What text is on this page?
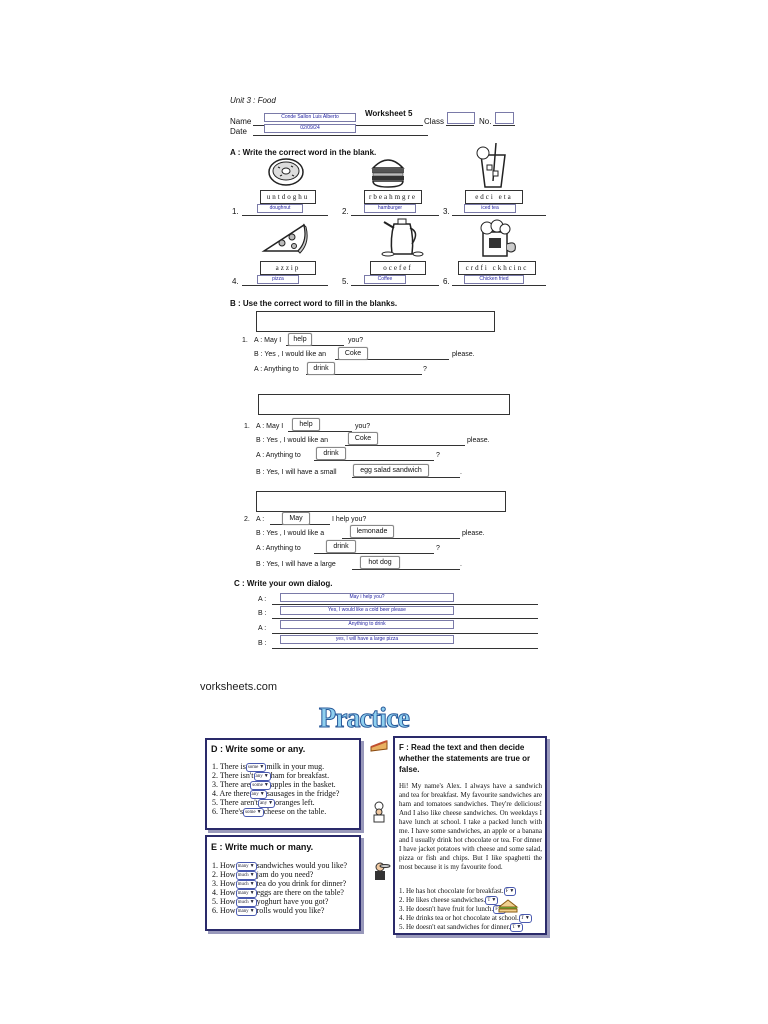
Unit 3 : Food
Worksheet 5
Name	Conde Sallon Luis Alberto	Class	No.
Date	02/09/24
A : Write the correct word in the blank.
untdoghu	rbeahmgre	edci eta
1.	doughnut	2.	hamburger	3.	iced tea
azzip	ocefef	crdfi ckhcinc
4.	pizza	5.	Coffee	6.	Chicken fried
B : Use the correct word to fill in the blanks.
1. A : May I	help	you?
B : Yes , I would like an	Coke	please.
A : Anything to	drink	?
1. A : May I	help	you?
B : Yes , I would like an	Coke	please.
A : Anything to	drink	?
B : Yes, I will have a small	egg salad sandwich	.
2. A :	May	I help you?
B : Yes , I would like a	lemonade	please.
A : Anything to	drink	?
B : Yes, I will have a large	hot dog	.
C : Write your own dialog.
A :	May i help you?
B :	Yes, I would like a cold beer please
A :
Anything to drink
B :
yes, I will have a large pizza
vorksheets.com
Practice
D : Write some or any.
1. There is some▼ milk in your mug.
2. There isn't any▼ ham for breakfast.
3. There are some▼ apples in the basket.
4. Are there any▼ sausages in the fridge?
5. There aren't any▼ oranges left.
6. There's some▼ cheese on the table.
E : Write much or many.
1. How many▼ sandwiches would you like?
2. How much▼ jam do you need?
3. How much▼ tea do you drink for dinner?
4. How many▼ eggs are there on the table?
5. How much▼ yoghurt have you got?
6. How many▼ rolls would you like?
F : Read the text and then decide whether the statements are true or false.
Hi! My name's Alex. I always have a sandwich and tea for breakfast. My favourite sandwiches are ham and tomatoes sandwiches. They're delicious! And I also like cheese sandwiches. On weekdays I have lunch at school. I take a packed lunch with me. I have some sandwiches, an apple or a banana and I usually drink hot chocolate or tea. For dinner I have jacket potatoes with cheese and some salad, pizza or fish and chips. But I like spaghetti the most because it is my favourite food.
1. He has hot chocolate for breakfast. F▼
2. He likes cheese sandwiches. T▼
3. He doesn't have fruit for lunch. F
4. He drinks tea or hot chocolate at school. T▼
5. He doesn't eat sandwiches for dinner. T▼
